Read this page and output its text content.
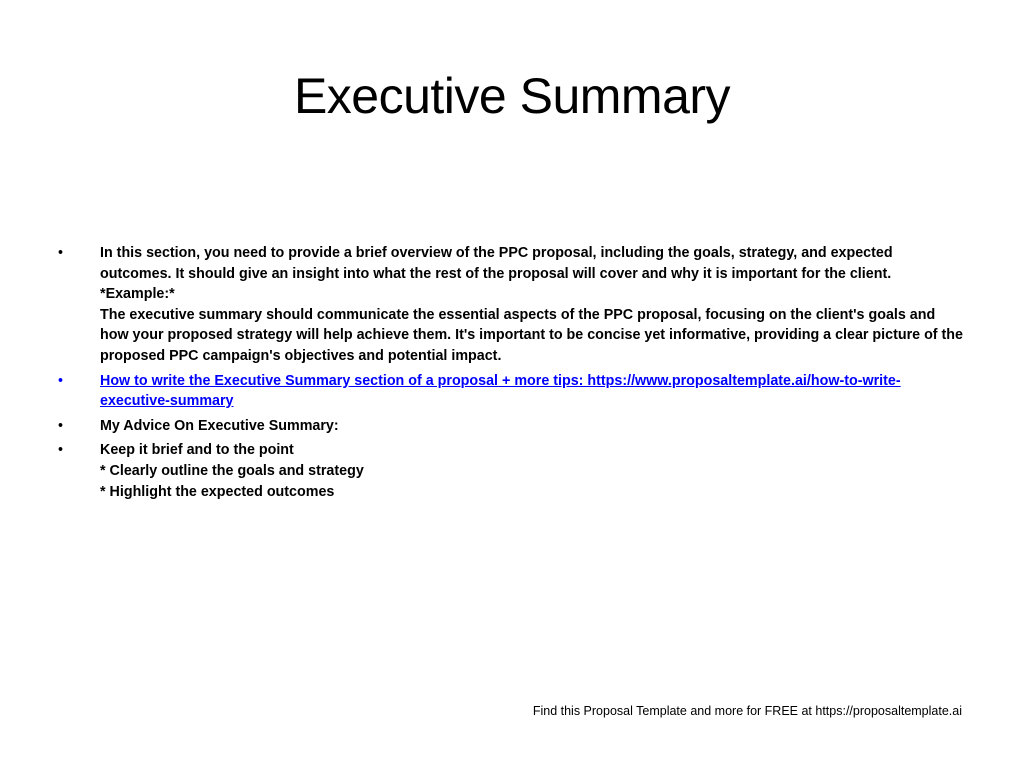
Executive Summary
•	In this section, you need to provide a brief overview of the PPC proposal, including the goals, strategy, and expected outcomes. It should give an insight into what the rest of the proposal will cover and why it is important for the client.
*Example:*
The executive summary should communicate the essential aspects of the PPC proposal, focusing on the client's goals and how your proposed strategy will help achieve them. It's important to be concise yet informative, providing a clear picture of the proposed PPC campaign's objectives and potential impact.
•	How to write the Executive Summary section of a proposal + more tips: https://www.proposaltemplate.ai/how-to-write-executive-summary
•	My Advice On Executive Summary:
•	Keep it brief and to the point
* Clearly outline the goals and strategy
* Highlight the expected outcomes
Find this Proposal Template and more for FREE at https://proposaltemplate.ai
